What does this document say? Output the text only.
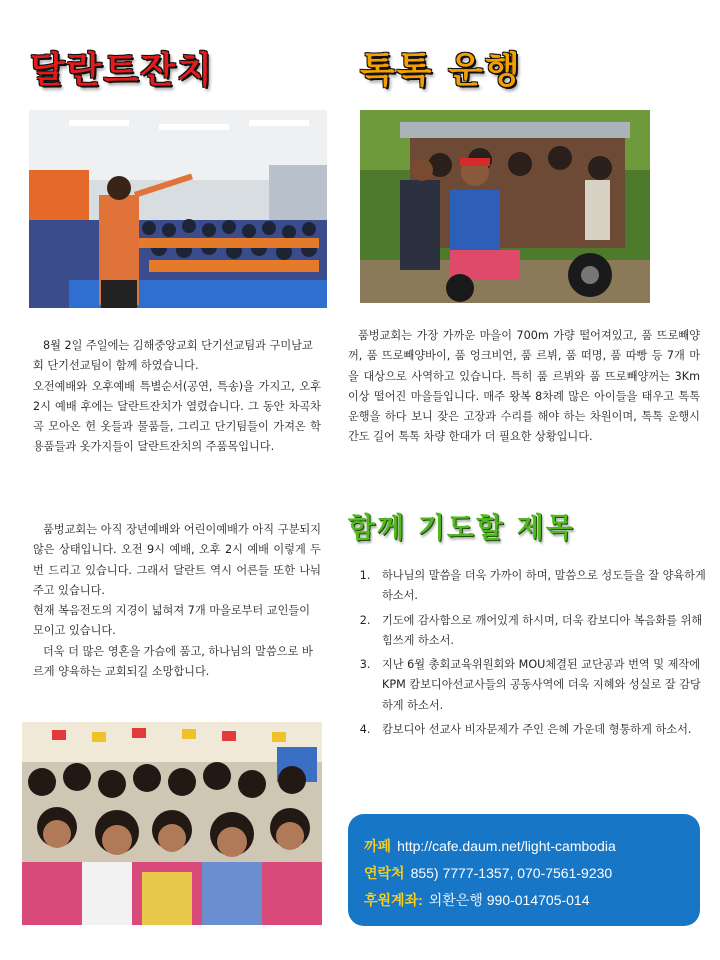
달란트잔치	톡톡 운행
함께 기도할 제목

8월 2일 주일에는 김해중앙교회 단기선교팀과 구미남교회 단기선교팀이 함께 하였습니다.

오전예배와 오후예배 특별순서(공연, 특송)을 가지고, 오후 2시 예배 후에는 달란트잔치가 열렸습니다. 그 동안 차곡차곡 모아온 헌 옷들과 물품들, 그리고 단기팀들이 가져온 학용품들과 옷가지들이 달란트잔치의 주품목입니다.

품벙교회는 아직 장년예배와 어린이예배가 아직 구분되지 않은 상태입니다. 오전 9시 예배, 오후 2시 예배 이렇게 두 번 드리고 있습니다. 그래서 달란트 역시 어른들 또한 나눠주고 있습니다.

현재 복음전도의 지경이 넓혀져 7개 마을로부터 교인들이 모이고 있습니다.

더욱 더 많은 영혼을 가슴에 품고, 하나님의 말씀으로 바르게 양육하는 교회되길 소망합니다.

품벙교회는 가장 가까운 마을이 700m 가량 떨어져있고, 품 뜨로빼양꺼, 품 뜨로빼양바이, 품 엉크비언, 품 르뷔, 품 떠명, 품 따빵 등 7개 마을 대상으로 사역하고 있습니다. 특히 품 르뷔와 품 뜨로빼양꺼는 3Km이상 떨어진 마을들입니다. 매주 왕복 8차례 많은 아이들을 태우고 톡톡운행을 하다 보니 잦은 고장과 수리를 해야 하는 차원이며, 톡톡 운행시간도 길어 톡톡 차량 한대가 더 필요한 상황입니다.

1. 하나님의 말씀을 더욱 가까이 하며, 말씀으로 성도들을 잘 양육하게 하소서.
2. 기도에 감사함으로 깨어있게 하시며, 더욱 캄보디아 복음화를 위해 힘쓰게 하소서.
3. 지난 6월 총회교육위원회와 MOU체결된 교단공과 번역 및 제작에 KPM 캄보디아선교사들의 공동사역에 더욱 지혜와 성실로 잘 감당하게 하소서.
4. 캄보디아 선교사 비자문제가 주인 은혜 가운데 형통하게 하소서.
까페 http://cafe.daum.net/light-cambodia
연락처 855) 7777-1357, 070-7561-9230
후원계좌: 외환은행 990-014705-014
